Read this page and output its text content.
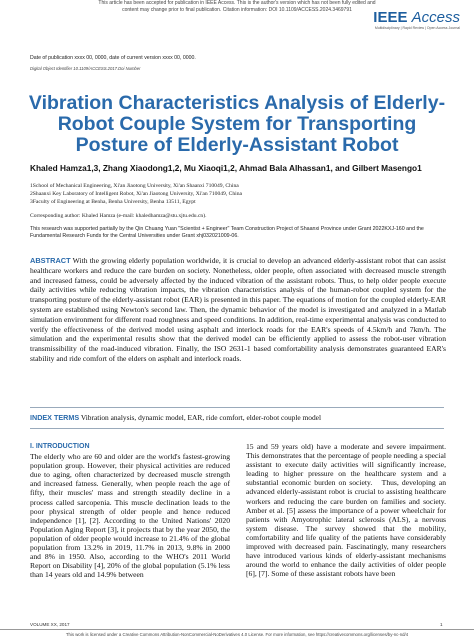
This article has been accepted for publication in IEEE Access. This is the author's version which has not been fully edited and
content may change prior to final publication. Citation information: DOI 10.1109/ACCESS.2024.3469791	IEEE Access
Multidisciplinary | Rapid Review | Open Access Journal
Date of publication xxxx 00, 0000, date of current version xxxx 00, 0000.
Digital Object Identifier 10.1109/ACCESS.2017.Doi Number
Vibration Characteristics Analysis of Elderly-Robot Couple System for Transporting Posture of Elderly-Assistant Robot
Khaled Hamza1,3, Zhang Xiaodong1,2, Mu Xiaoqi1,2, Ahmad Bala Alhassan1, and Gilbert Masengo1
1School of Mechanical Engineering, Xi'an Jiaotong University, Xi'an Shaanxi 710049, China
2Shaanxi Key Laboratory of Intelligent Robot, Xi'an Jiaotong University, Xi'an 710049, China
3Faculty of Engineering at Benha, Benha University, Benha 13511, Egypt
Corresponding author: Khaled Hamza (e-mail: khaledhamza@stu.xjtu.edu.cn).
This research was supported partially by the Qin Chuang Yuan "Scientist + Engineer" Team Construction Project of Shaanxi Province under Grant 2022KXJ-160 and the Fundamental Research Funds for the Central Universities under Grant xhj032021009-06.
ABSTRACT With the growing elderly population worldwide, it is crucial to develop an advanced elderly-assistant robot that can assist healthcare workers and reduce the care burden on society. Nonetheless, older people, often associated with decreased muscle strength and increased fatness, could be adversely affected by the induced vibration of the assistant robots. Thus, to help older people execute daily activities while reducing vibration impacts, the vibration characteristics analysis of the human-robot coupled system for the transporting posture of the elderly-assistant robot (EAR) is presented in this paper. The equations of motion for the coupled elderly-EAR system are established using Newton's second law. Then, the dynamic behavior of the model is investigated and analyzed in a Matlab simulation environment for different road roughness and speed conditions. In addition, real-time experimental analysis was conducted to verify the effectiveness of the derived model using asphalt and interlock roads for the EAR's speeds of 4.5km/h and 7km/h. The simulation and the experimental results show that the derived model can be efficiently applied to assess the robot-user vibration transmissibility of the road-induced vibration. Finally, the ISO 2631-1 based comfortability analysis demonstrates guaranteed EAR's stability and ride comfort of the elders on asphalt and interlock roads.
INDEX TERMS Vibration analysis, dynamic model, EAR, ride comfort, elder-robot couple model
I. INTRODUCTION
The elderly who are 60 and older are the world's fastest-growing population group. However, their physical activities are reduced due to aging, often characterized by decreased muscle strength and increased fatness. Generally, when people reach the age of fifty, their muscles' mass and strength steadily decline in a process called sarcopenia. This muscle declination leads to the poor physical strength of older people and hence reduced independence [1], [2]. According to the United Nations' 2020 Population Aging Report [3], it projects that by the year 2050, the population of older people would increase to 21.4% of the global population from 13.2% in 2019, 11.7% in 2013, 9.8% in 2000 and 8% in 1950. Also, according to the WHO's 2011 World Report on Disability [4], 20% of the global population (5.1% less than 14 years old and 14.9% between
15 and 59 years old) have a moderate and severe impairment. This demonstrates that the percentage of people needing a special assistant to execute daily activities will significantly increase, leading to higher pressure on the healthcare system and a substantial economic burden on society.   Thus, developing an advanced elderly-assistant robot is crucial to assisting healthcare workers and reducing the care burden on families and society. Amber et al. [5] assess the importance of a power wheelchair for patients with Amyotrophic lateral sclerosis (ALS), a nervous system disease. The survey showed that the mobility, comfortability and life quality of the patients have considerably improved with decreased pain. Fascinatingly, many researchers have introduced various kinds of elderly-assistant mechanisms around the world to enhance the daily activities of older people [6], [7]. Some of these assistant robots have been
VOLUME XX, 2017	1
This work is licensed under a Creative Commons Attribution-NonCommercial-NoDerivatives 4.0 License. For more information, see https://creativecommons.org/licenses/by-nc-nd/4
